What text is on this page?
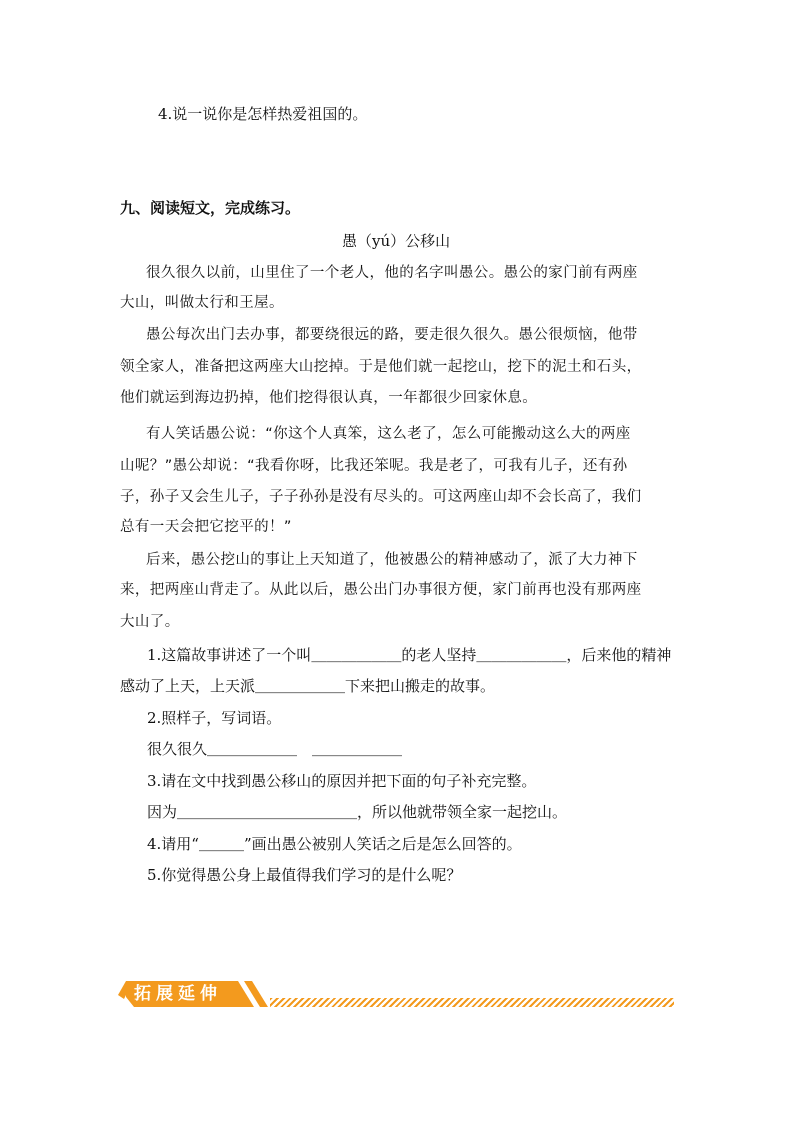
4.说一说你是怎样热爱祖国的。
九、阅读短文，完成练习。
愚（yú）公移山
很久很久以前，山里住了一个老人，他的名字叫愚公。愚公的家门前有两座
大山，叫做太行和王屋。
愚公每次出门去办事，都要绕很远的路，要走很久很久。愚公很烦恼，他带
领全家人，准备把这两座大山挖掉。于是他们就一起挖山，挖下的泥土和石头，
他们就运到海边扔掉，他们挖得很认真，一年都很少回家休息。
有人笑话愚公说：“你这个人真笨，这么老了，怎么可能搬动这么大的两座
山呢？”愚公却说：“我看你呀，比我还笨呢。我是老了，可我有儿子，还有孙
子，孙子又会生儿子，子子孙孙是没有尽头的。可这两座山却不会长高了，我们
总有一天会把它挖平的！”
后来，愚公挖山的事让上天知道了，他被愚公的精神感动了，派了大力神下
来，把两座山背走了。从此以后，愚公出门办事很方便，家门前再也没有那两座
大山了。
1.这篇故事讲述了一个叫＿＿＿＿＿＿的老人坚持＿＿＿＿＿＿，后来他的精神
感动了上天，上天派＿＿＿＿＿＿下来把山搬走的故事。
2.照样子，写词语。
很久很久＿＿＿＿＿＿　＿＿＿＿＿＿
3.请在文中找到愚公移山的原因并把下面的句子补充完整。
因为＿＿＿＿＿＿＿＿＿＿＿＿，所以他就带领全家一起挖山。
4.请用“＿＿＿”画出愚公被别人笑话之后是怎么回答的。
5.你觉得愚公身上最值得我们学习的是什么呢？
拓展延伸
